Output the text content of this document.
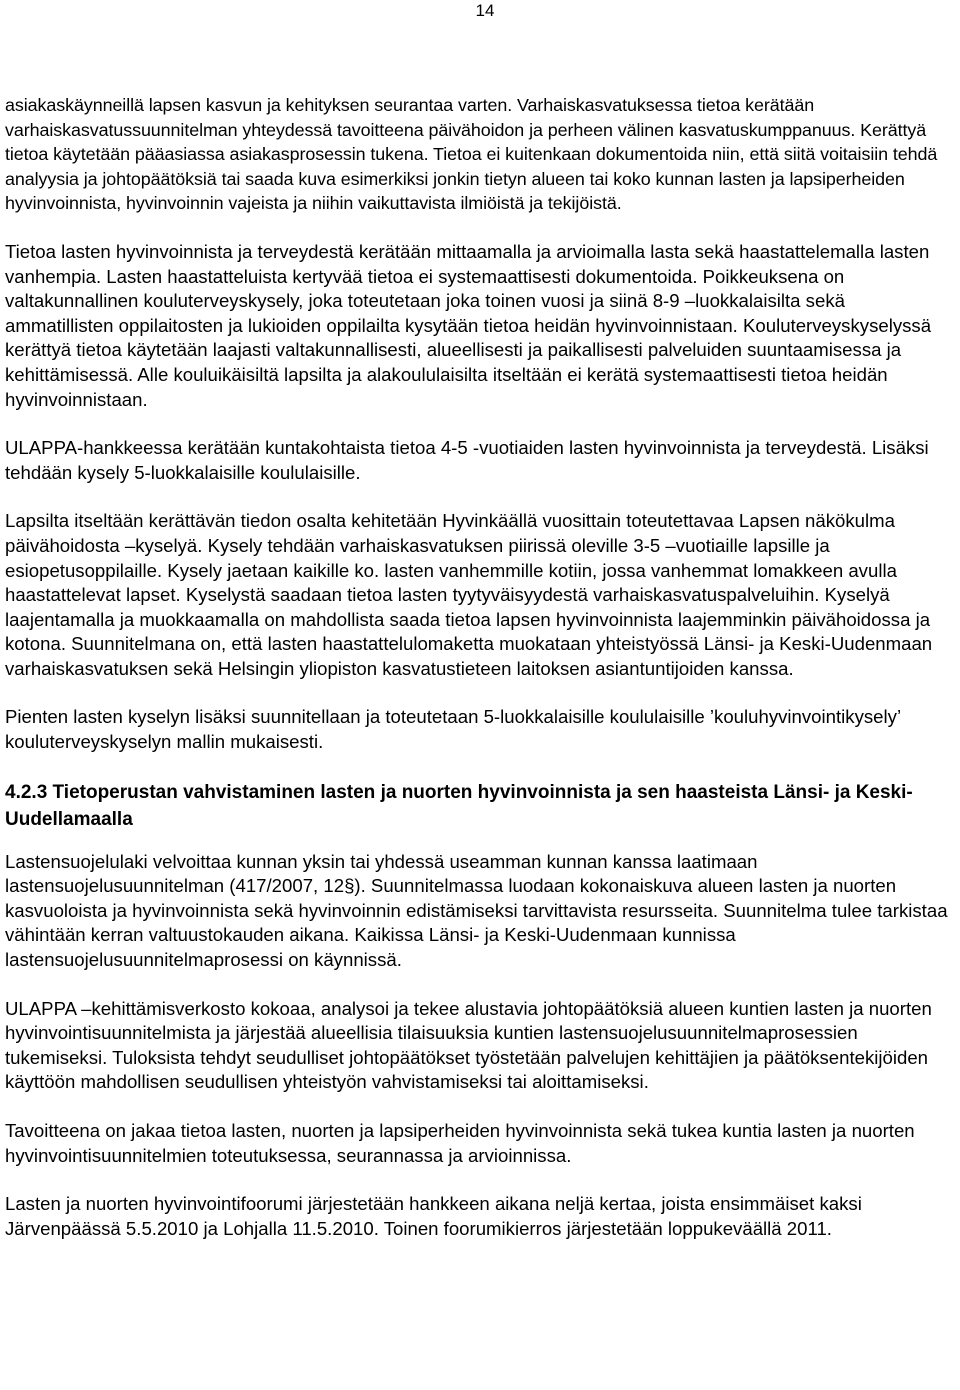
14

asiakaskäynneillä lapsen kasvun ja kehityksen seurantaa varten. Varhaiskasvatuksessa tietoa kerätään varhaiskasvatussuunnitelman yhteydessä tavoitteena päivähoidon ja perheen välinen kasvatuskumppanuus. Kerättyä tietoa käytetään pääasiassa asiakasprosessin tukena. Tietoa ei kuitenkaan dokumentoida niin, että siitä voitaisiin tehdä analyysia ja johtopäätöksiä tai saada kuva esimerkiksi jonkin tietyn alueen tai koko kunnan lasten ja lapsiperheiden hyvinvoinnista, hyvinvoinnin vajeista ja niihin vaikuttavista ilmiöistä ja tekijöistä.

Tietoa lasten hyvinvoinnista ja terveydestä kerätään mittaamalla ja arvioimalla lasta sekä haastattelemalla lasten vanhempia. Lasten haastatteluista kertyvää tietoa ei systemaattisesti dokumentoida. Poikkeuksena on valtakunnallinen kouluterveyskysely, joka toteutetaan joka toinen vuosi ja siinä 8-9 –luokkalaisilta sekä ammatillisten oppilaitosten ja lukioiden oppilailta kysytään tietoa heidän hyvinvoinnistaan. Kouluterveyskyselyssä kerättyä tietoa käytetään laajasti valtakunnallisesti, alueellisesti ja paikallisesti palveluiden suuntaamisessa ja kehittämisessä. Alle kouluikäisiltä lapsilta ja alakoululaisilta itseltään ei kerätä systemaattisesti tietoa heidän hyvinvoinnistaan.

ULAPPA-hankkeessa kerätään kuntakohtaista tietoa 4-5 -vuotiaiden lasten hyvinvoinnista ja terveydestä. Lisäksi tehdään kysely 5-luokkalaisille koululaisille.

Lapsilta itseltään kerättävän tiedon osalta kehitetään Hyvinkäällä vuosittain toteutettavaa Lapsen näkökulma päivähoidosta –kyselyä. Kysely tehdään varhaiskasvatuksen piirissä oleville 3-5 –vuotiaille lapsille ja esiopetusoppilaille. Kysely jaetaan kaikille ko. lasten vanhemmille kotiin, jossa vanhemmat lomakkeen avulla haastattelevat lapset. Kyselystä saadaan tietoa lasten tyytyväisyydestä varhaiskasvatuspalveluihin. Kyselyä laajentamalla ja muokkaamalla on mahdollista saada tietoa lapsen hyvinvoinnista laajemminkin päivähoidossa ja kotona. Suunnitelmana on, että lasten haastattelulomaketta muokataan yhteistyössä Länsi- ja Keski-Uudenmaan varhaiskasvatuksen sekä Helsingin yliopiston kasvatustieteen laitoksen asiantuntijoiden kanssa.

Pienten lasten kyselyn lisäksi suunnitellaan ja toteutetaan 5-luokkalaisille koululaisille ’kouluhyvinvointikysely’ kouluterveyskyselyn mallin mukaisesti.

4.2.3 Tietoperustan vahvistaminen lasten ja nuorten hyvinvoinnista ja sen haasteista Länsi- ja Keski-Uudellamaalla

Lastensuojelulaki velvoittaa kunnan yksin tai yhdessä useamman kunnan kanssa laatimaan lastensuojelusuunnitelman (417/2007, 12§). Suunnitelmassa luodaan kokonaiskuva alueen lasten ja nuorten kasvuoloista ja hyvinvoinnista sekä hyvinvoinnin edistämiseksi tarvittavista resursseita. Suunnitelma tulee tarkistaa vähintään kerran valtuustokauden aikana. Kaikissa Länsi- ja Keski-Uudenmaan kunnissa lastensuojelusuunnitelmaprosessi on käynnissä.

ULAPPA –kehittämisverkosto kokoaa, analysoi ja tekee alustavia johtopäätöksiä alueen kuntien lasten ja nuorten hyvinvointisuunnitelmista ja järjestää alueellisia tilaisuuksia kuntien lastensuojelusuunnitelmaprosessien tukemiseksi. Tuloksista tehdyt seudulliset johtopäätökset työstetään palvelujen kehittäjien ja päätöksentekijöiden käyttöön mahdollisen seudullisen yhteistyön vahvistamiseksi tai aloittamiseksi.

Tavoitteena on jakaa tietoa lasten, nuorten ja lapsiperheiden hyvinvoinnista sekä tukea kuntia lasten ja nuorten hyvinvointisuunnitelmien toteutuksessa, seurannassa ja arvioinnissa.

Lasten ja nuorten hyvinvointifoorumi järjestetään hankkeen aikana neljä kertaa, joista ensimmäiset kaksi Järvenpäässä 5.5.2010 ja Lohjalla 11.5.2010. Toinen foorumikierros järjestetään loppukeväällä 2011.
